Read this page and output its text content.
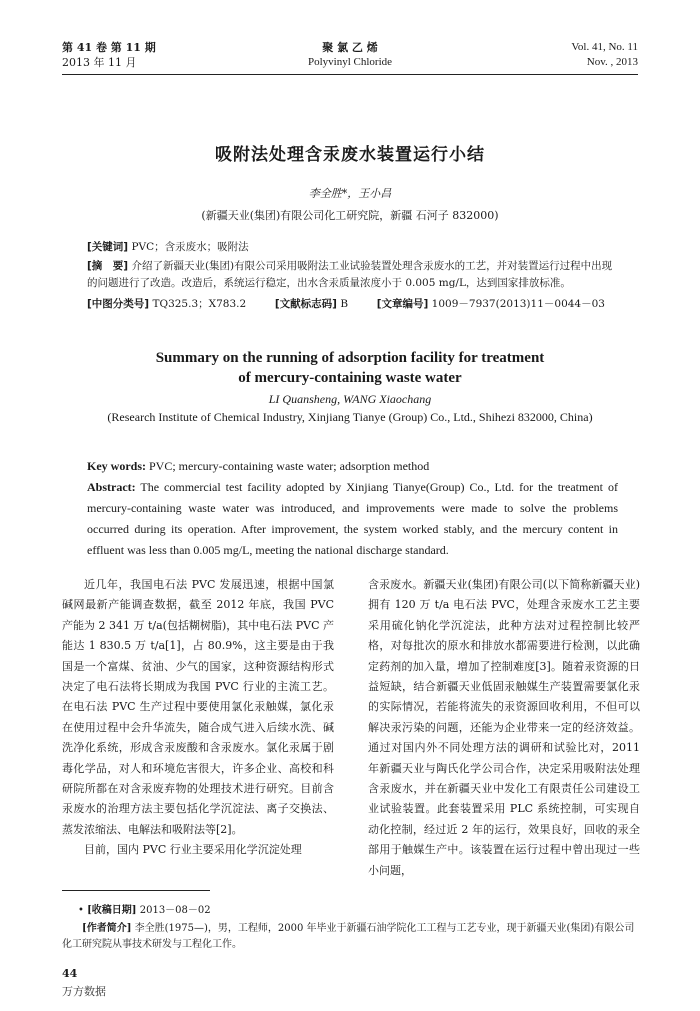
第 41 卷 第 11 期
2013 年 11 月
聚 氯 乙 烯
Polyvinyl Chloride
Vol. 41, No. 11
Nov. , 2013
吸附法处理含汞废水装置运行小结
李全胜*，王小昌
(新疆天业(集团)有限公司化工研究院，新疆 石河子 832000)
[关键词] PVC；含汞废水；吸附法
[摘　要] 介绍了新疆天业(集团)有限公司采用吸附法工业试验装置处理含汞废水的工艺，并对装置运行过程中出现的问题进行了改造。改造后，系统运行稳定，出水含汞质量浓度小于 0.005 mg/L，达到国家排放标准。
[中图分类号] TQ325.3；X783.2	[文献标志码] B	[文章编号] 1009－7937(2013)11－0044－03
Summary on the running of adsorption facility for treatment of mercury-containing waste water
LI Quansheng, WANG Xiaochang
(Research Institute of Chemical Industry, Xinjiang Tianye (Group) Co., Ltd., Shihezi 832000, China)
Key words: PVC; mercury-containing waste water; adsorption method
Abstract: The commercial test facility adopted by Xinjiang Tianye(Group) Co., Ltd. for the treatment of mercury-containing waste water was introduced, and improvements were made to solve the problems occurred during its operation. After improvement, the system worked stably, and the mercury content in effluent was less than 0.005 mg/L, meeting the national discharge standard.

近几年，我国电石法 PVC 发展迅速，根据中国氯碱网最新产能调查数据，截至 2012 年底，我国 PVC 产能为 2 341 万 t/a(包括糊树脂)，其中电石法 PVC 产能达 1 830.5 万 t/a[1]，占 80.9%，这主要是由于我国是一个富煤、贫油、少气的国家，这种资源结构形式决定了电石法将长期成为我国 PVC 行业的主流工艺。在电石法 PVC 生产过程中要使用氯化汞触媒，氯化汞在使用过程中会升华流失，随合成气进入后续水洗、碱洗净化系统，形成含汞废酸和含汞废水。氯化汞属于剧毒化学品，对人和环境危害很大，许多企业、高校和科研院所都在对含汞废弃物的处理技术进行研究。目前含汞废水的治理方法主要包括化学沉淀法、离子交换法、蒸发浓缩法、电解法和吸附法等[2]。

目前，国内 PVC 行业主要采用化学沉淀处理

含汞废水。新疆天业(集团)有限公司(以下简称新疆天业)拥有 120 万 t/a 电石法 PVC，处理含汞废水工艺主要采用硫化钠化学沉淀法，此种方法对过程控制比较严格，对每批次的原水和排放水都需要进行检测，以此确定药剂的加入量，增加了控制难度[3]。随着汞资源的日益短缺，结合新疆天业低固汞触媒生产装置需要氯化汞的实际情况，若能将流失的汞资源回收利用，不但可以解决汞污染的问题，还能为企业带来一定的经济效益。通过对国内外不同处理方法的调研和试验比对，2011 年新疆天业与陶氏化学公司合作，决定采用吸附法处理含汞废水，并在新疆天业中发化工有限责任公司建设工业试验装置。此套装置采用 PLC 系统控制，可实现自动化控制，经过近 2 年的运行，效果良好，回收的汞全部用于触媒生产中。该装置在运行过程中曾出现过一些小问题，

• [收稿日期] 2013－08－02
[作者简介] 李全胜(1975—)，男，工程师，2000 年毕业于新疆石油学院化工工程与工艺专业，现于新疆天业(集团)有限公司化工研究院从事技术研发与工程化工作。
44
万方数据
